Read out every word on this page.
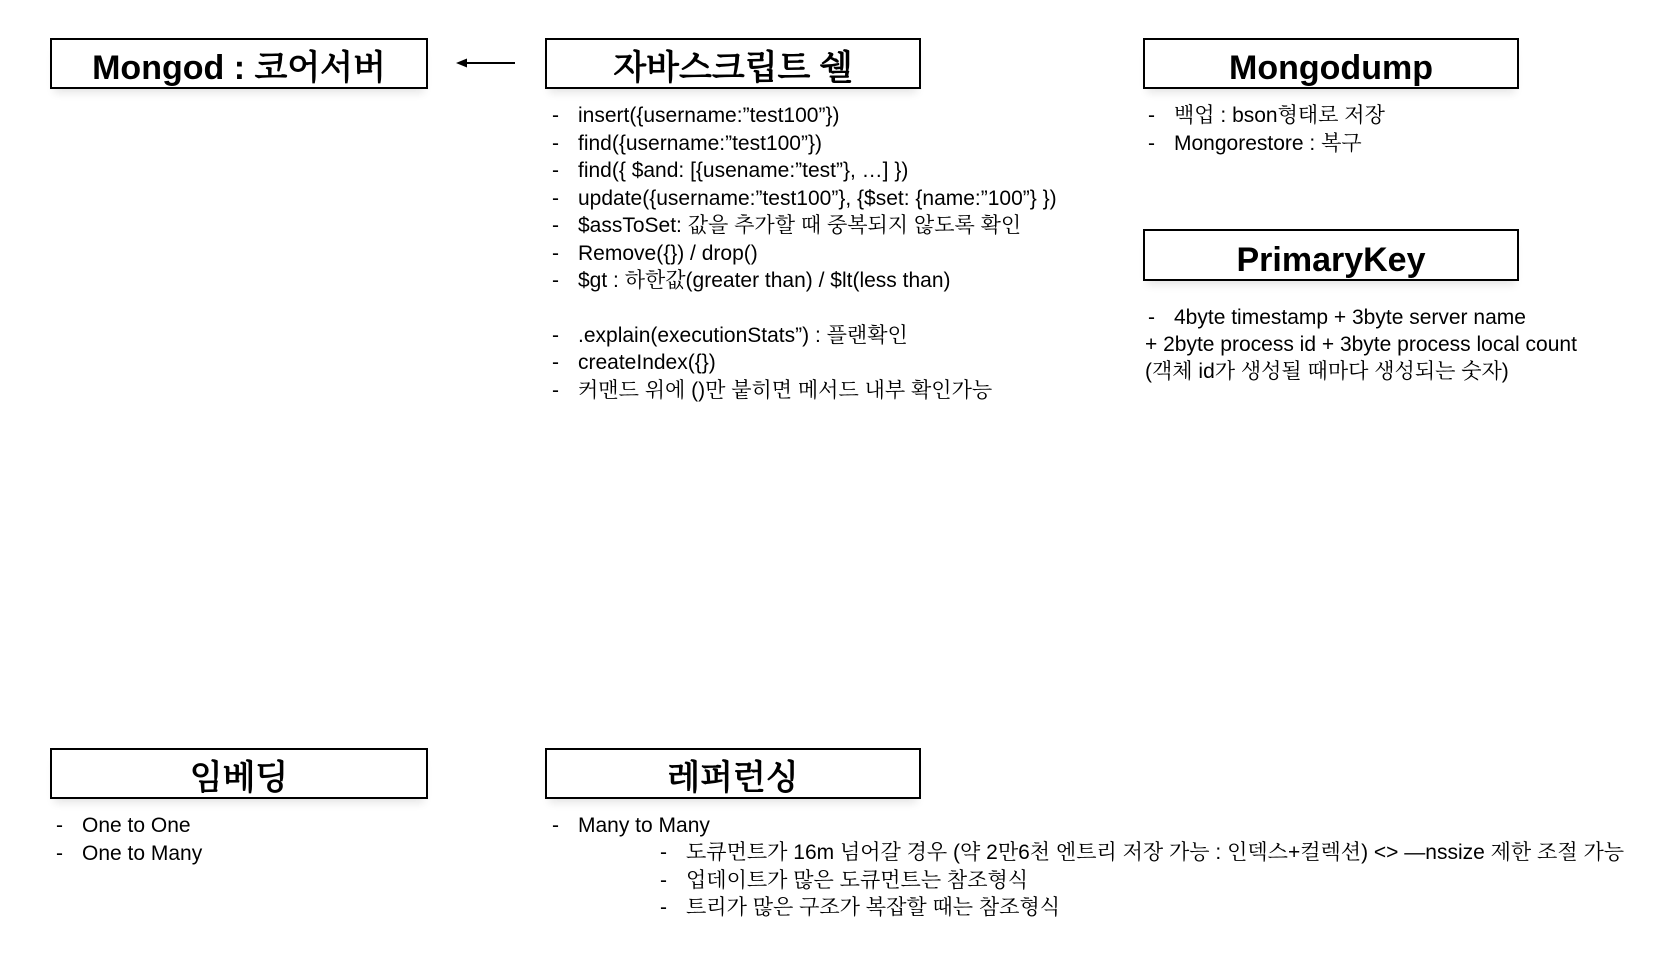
Mongod : 코어서버	자바스크립트 쉘	Mongodump
PrimaryKey
임베딩	레퍼런싱
- insert({username:”test100”})
- find({username:”test100”})
- find({ $and: [{usename:”test”}, …] })
- update({username:”test100”}, {$set: {name:”100”} })
- $assToSet: 값을 추가할 때 중복되지 않도록 확인
- Remove({}) / drop()
- $gt : 하한값(greater than) / $lt(less than)
- .explain(executionStats”) : 플랜확인
- createIndex({})
- 커맨드 위에 ()만 붙히면 메서드 내부 확인가능
- 백업 : bson형태로 저장
- Mongorestore : 복구
- 4byte timestamp + 3byte server name

+ 2byte process id + 3byte process local count

(객체 id가 생성될 때마다 생성되는 숫자)

- One to One
- One to Many
- Many to Many
- 도큐먼트가 16m 넘어갈 경우 (약 2만6천 엔트리 저장 가능 : 인덱스+컬렉션) <> —nssize 제한 조절 가능
- 업데이트가 많은 도큐먼트는 참조형식
- 트리가 많은 구조가 복잡할 때는 참조형식
